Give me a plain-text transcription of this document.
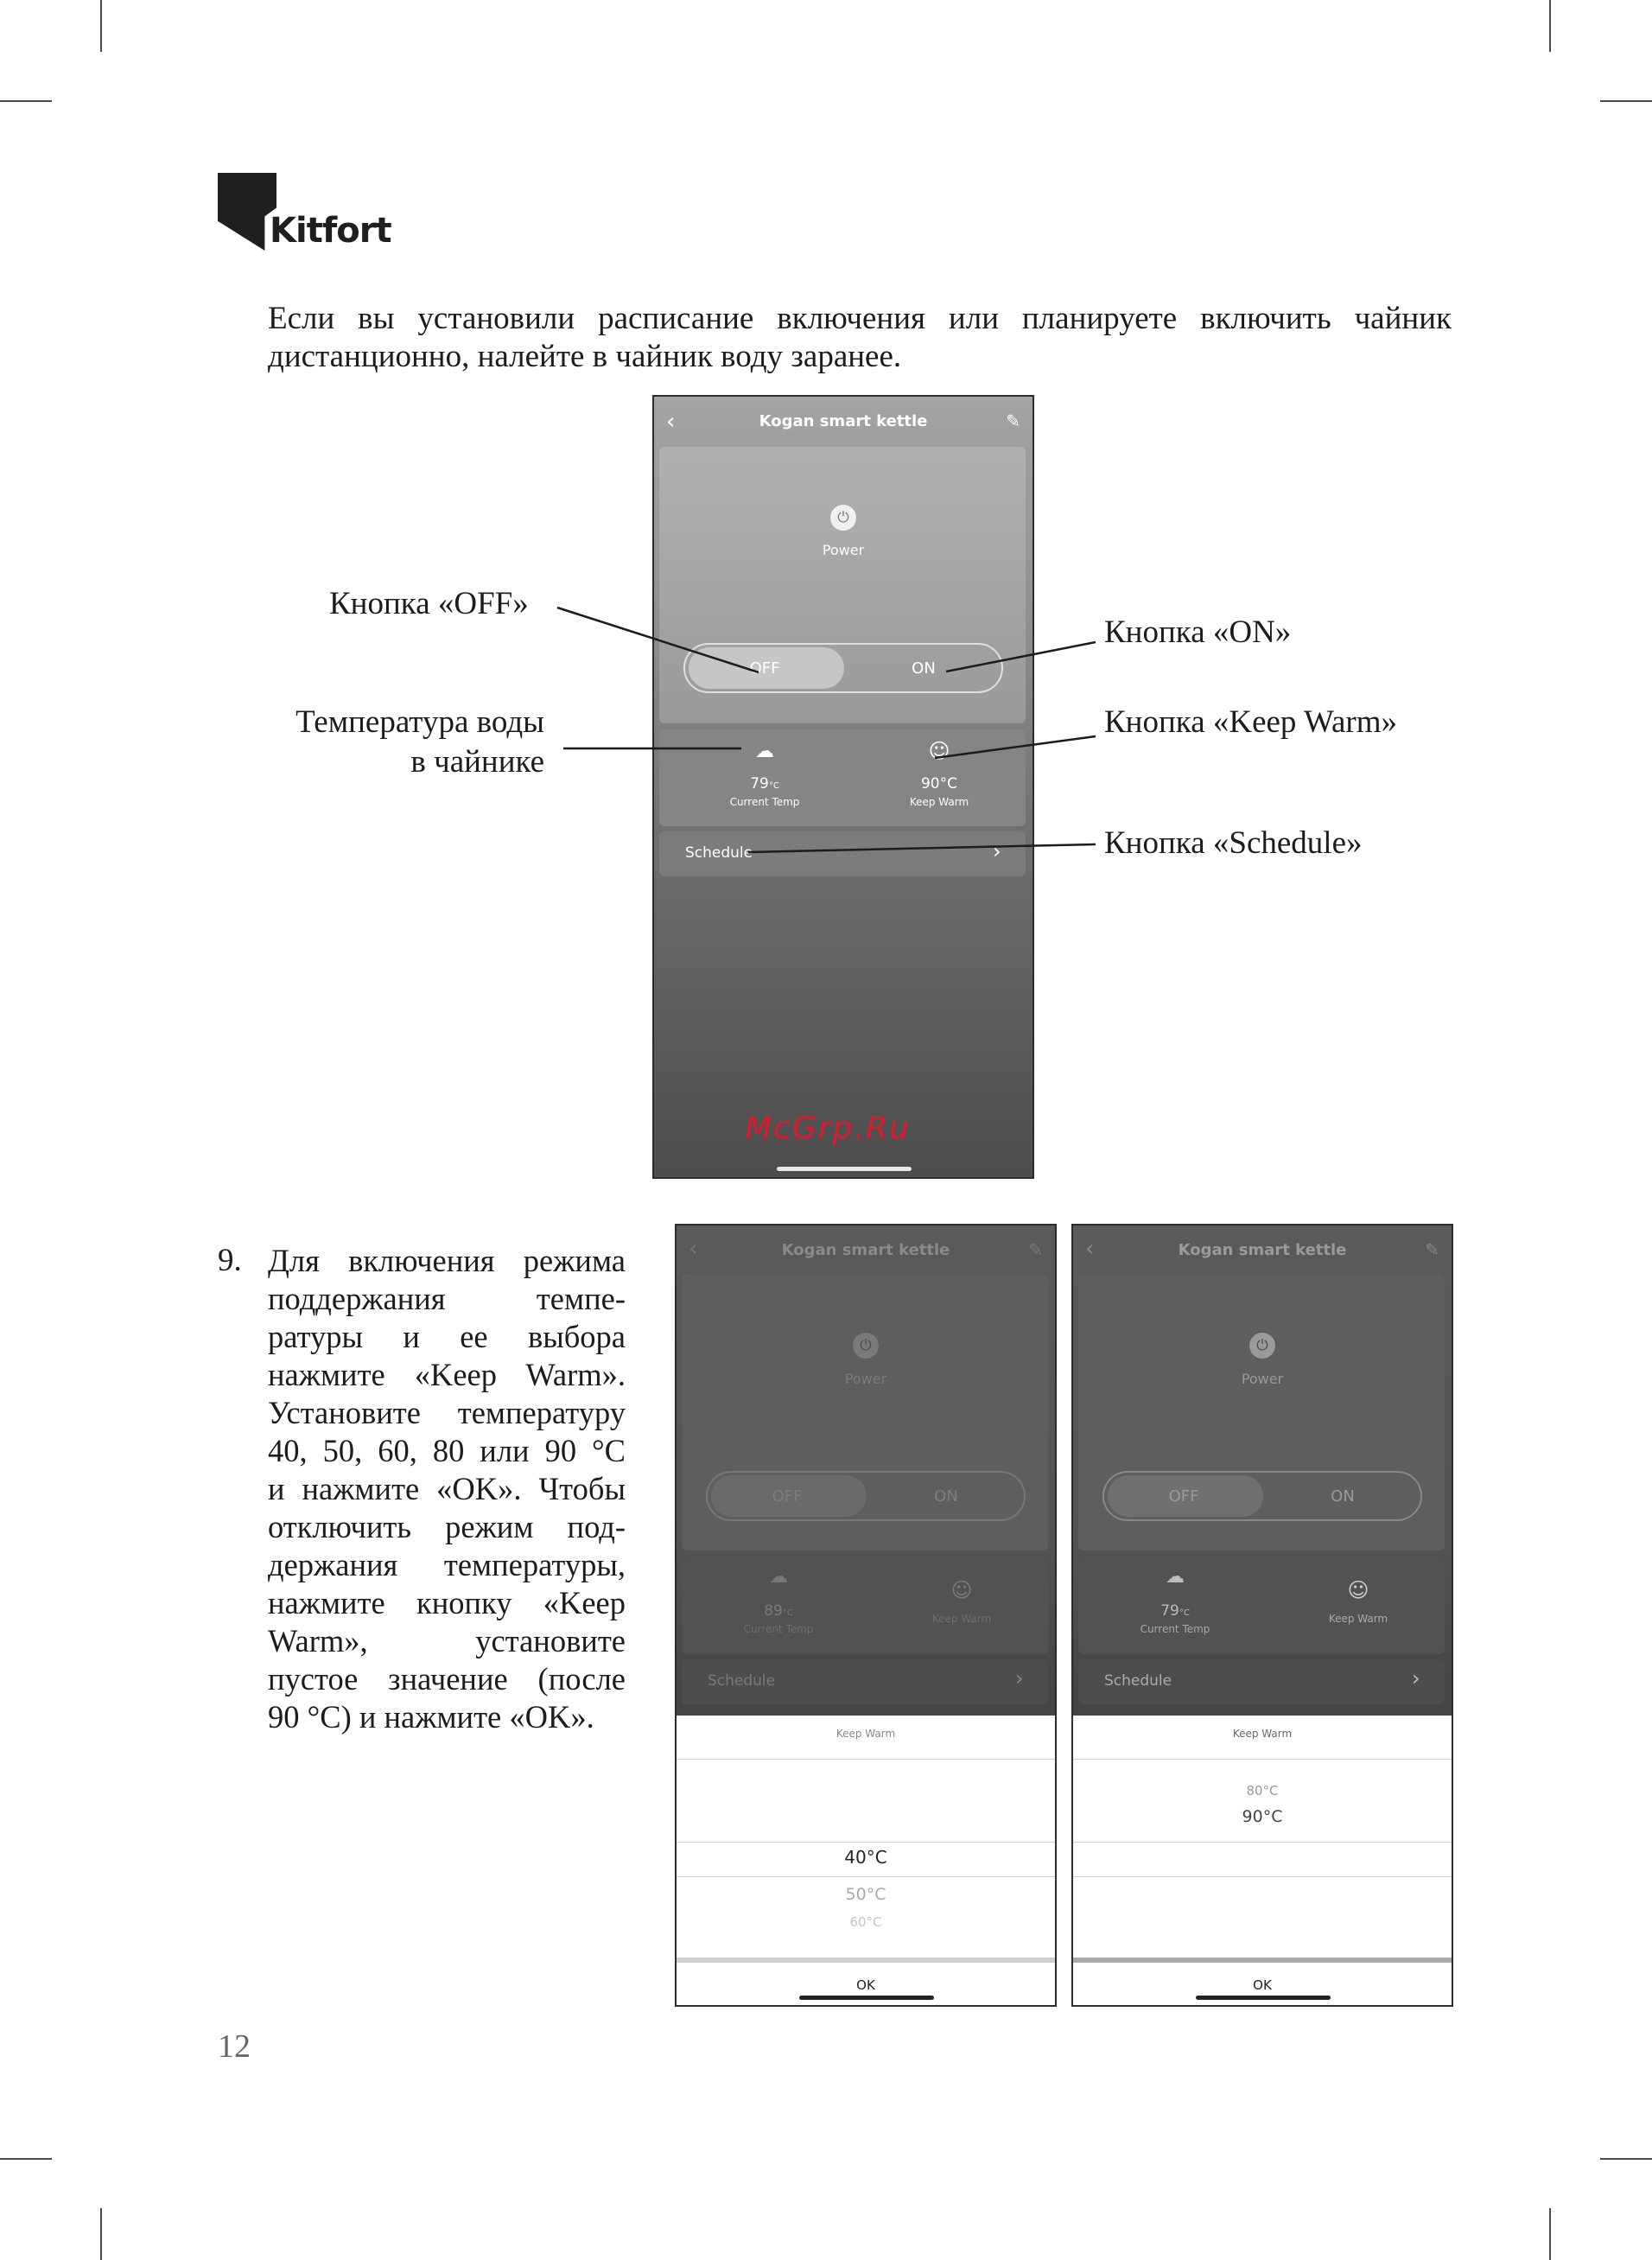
Kitfort
Если вы установили расписание включения или планируете включить чайник дистанционно, налейте в чайник воду заранее.
‹	Kogan smart kettle	✎
⏻
Power
OFF	ON
☁
79°C
Current Temp
☺
90°C
Keep Warm
Schedule	›
McGrp.Ru
Кнопка «OFF»
Кнопка «ON»
Температура воды
в чайнике
Кнопка «Keep Warm»
Кнопка «Schedule»
9. Для включения режима
поддержания темпе-
ратуры и ее выбора
нажмите «Keep Warm».
Установите температуру
40, 50, 60, 80 или 90 °C
и нажмите «OK». Чтобы
отключить режим под-
держания температуры,
нажмите кнопку «Keep
Warm», установите
пустое значение (после
90 °C) и нажмите «OK».
‹	Kogan smart kettle	✎
⏻
Power
OFF	ON
☁
89°C
Current Temp
☺
Keep Warm
Schedule	›
Keep Warm
40°C
50°C
60°C
OK
‹	Kogan smart kettle	✎
⏻
Power
OFF	ON
☁
79°C
Current Temp
☺
Keep Warm
Schedule	›
Keep Warm
80°C
90°C
OK
12
